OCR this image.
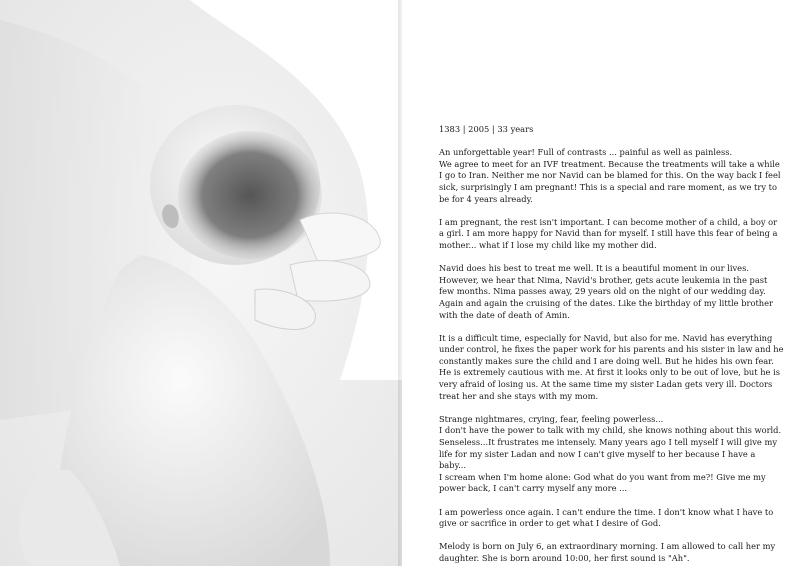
1383 | 2005 | 33 years

An unforgettable year! Full of contrasts ... painful as well as painless.
We agree to meet for an IVF treatment. Because the treatments will take a while I go to Iran. Neither me nor Navid can be blamed for this. On the way back I feel sick, surprisingly I am pregnant! This is a special and rare moment, as we try to be for 4 years already.

I am pregnant, the rest isn't important. I can become mother of a child, a boy or a girl. I am more happy for Navid than for myself. I still have this fear of being a mother... what if I lose my child like my mother did.

Navid does his best to treat me well. It is a beautiful moment in our lives.
However, we hear that Nima, Navid's brother, gets acute leukemia in the past few months. Nima passes away, 29 years old on the night of our wedding day.
Again and again the cruising of the dates. Like the birthday of my little brother with the date of death of Amin.

It is a difficult time, especially for Navid, but also for me. Navid has everything under control, he fixes the paper work for his parents and his sister in law and he constantly makes sure the child and I are doing well. But he hides his own fear. He is extremely cautious with me. At first it looks only to be out of love, but he is very afraid of losing us. At the same time my sister Ladan gets very ill. Doctors treat her and she stays with my mom.

Strange nightmares, crying, fear, feeling powerless...
I don't have the power to talk with my child, she knows nothing about this world. Senseless...It frustrates me intensely. Many years ago I tell myself I will give my life for my sister Ladan and now I can't give myself to her because I have a baby...
I scream when I'm home alone: God what do you want from me?! Give me my power back, I can't carry myself any more ...

I am powerless once again. I can't endure the time. I don't know what I have to give or sacrifice in order to get what I desire of God.

Melody is born on July 6, an extraordinary morning. I am allowed to call her my daughter. She is born around 10:00, her first sound is "Ah".
